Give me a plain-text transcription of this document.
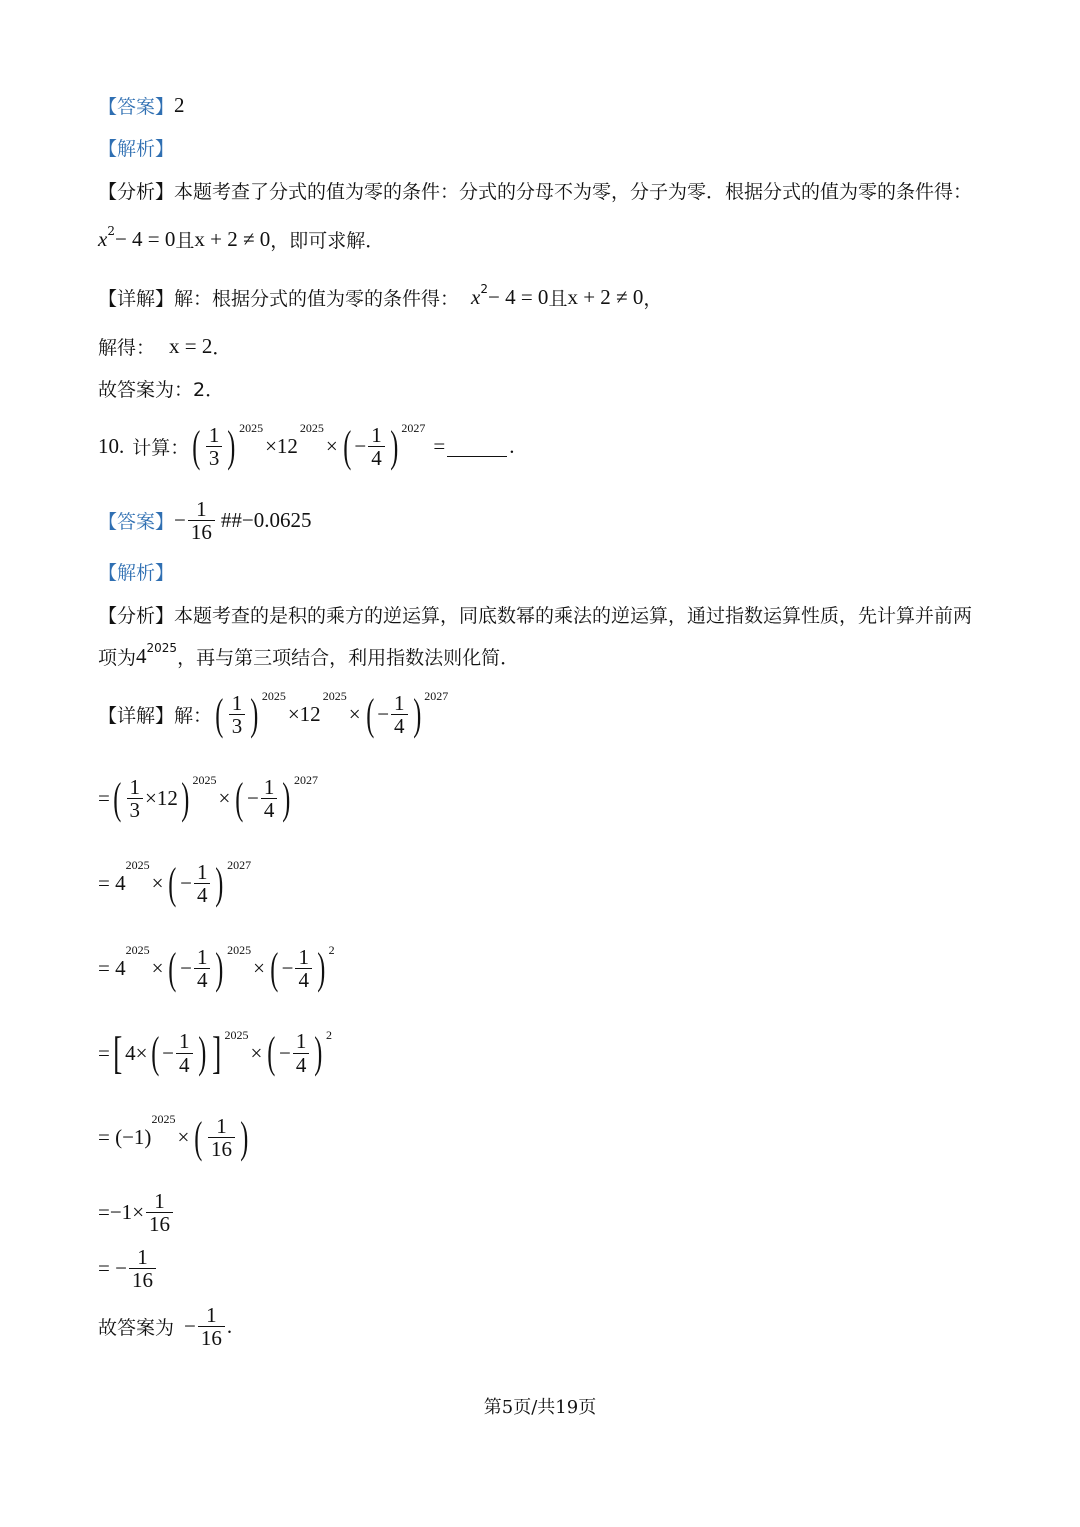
【答案】 2
【解析】
【分析】 本题考查了分式的值为零的条件：分式的分母不为零，分子为零．根据分式的值为零的条件得：
$x^2 - 4 = 0$ 且 x + 2 ≠ 0 ，即可求解．
【详解】 解：根据分式的值为零的条件得： $x^2 - 4 = 0$ 且 x + 2 ≠ 0 ，
解得： x = 2 ．
故答案为：2．
10. 计算： ( $\frac{1}{3}$ ) 2025
×12
2025
× ( − $\frac{1}{4}$ ) 2027
=	.
【答案】 − $\frac{1}{16}$ ##−0.0625
【解析】
【分析】 本题考查的是积的乘方的逆运算，同底数幂的乘法的逆运算，通过指数运算性质，先计算并前两
项为 $4^{2025}$ ，再与第三项结合，利用指数法则化简．
【详解】 解： ( $\frac{1}{3}$ ) 2025
×12
2025
× ( − $\frac{1}{4}$ ) 2027
= ( $\frac{1}{3} \times 12$ ) 2025
× ( − $\frac{1}{4}$ ) 2027
= 4
2025
× ( − $\frac{1}{4}$ ) 2027
= 4
2025
× ( − $\frac{1}{4}$ ) 2025
× ( − $\frac{1}{4}$ ) 2
= [ 4× ( − $\frac{1}{4}$ ) ] 2025
× ( − $\frac{1}{4}$ ) 2
= (−1)
2025
× ( $\frac{1}{16}$ )
= $-1 \times \frac{1}{16}$
= − $\frac{1}{16}$
故答案为 − $\frac{1}{16}$ .
第5页/共19页
